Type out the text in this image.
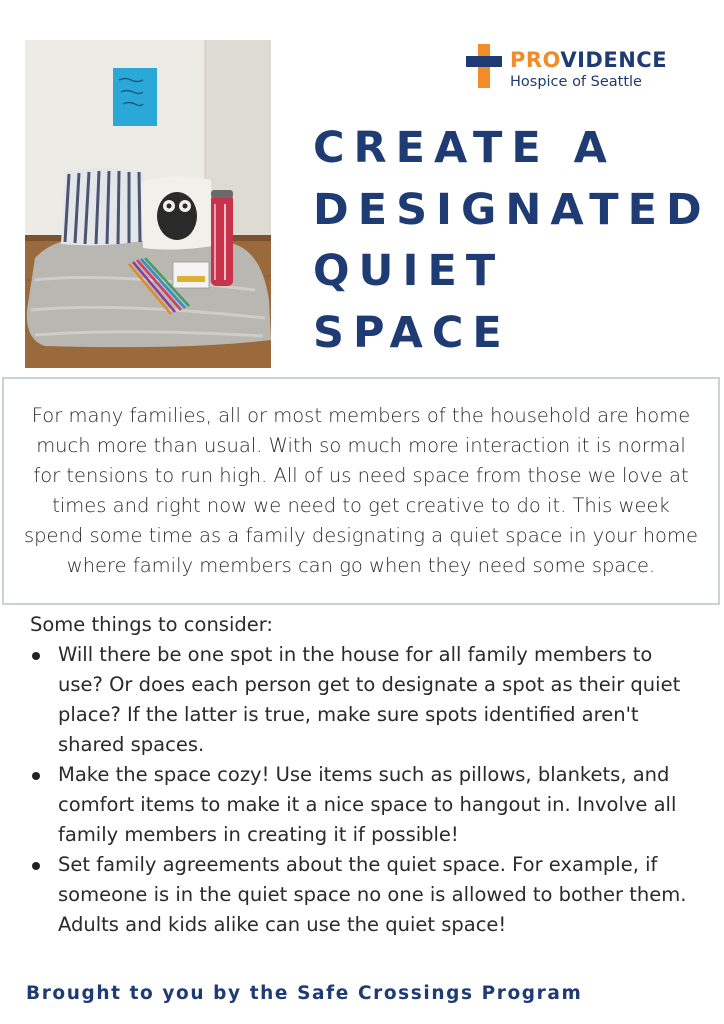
PROVIDENCE
Hospice of Seattle
CREATE A
DESIGNATED
QUIET
SPACE
For many families, all or most members of the household are home much more than usual. With so much more interaction it is normal for tensions to run high. All of us need space from those we love at times and right now we need to get creative to do it. This week spend some time as a family designating a quiet space in your home where family members can go when they need some space.
Some things to consider:
Will there be one spot in the house for all family members to use? Or does each person get to designate a spot as their quiet place? If the latter is true, make sure spots identified aren't shared spaces.
Make the space cozy! Use items such as pillows, blankets, and comfort items to make it a nice space to hangout in. Involve all family members in creating it if possible!
Set family agreements about the quiet space. For example, if someone is in the quiet space no one is allowed to bother them. Adults and kids alike can use the quiet space!
Brought to you by the Safe Crossings Program
